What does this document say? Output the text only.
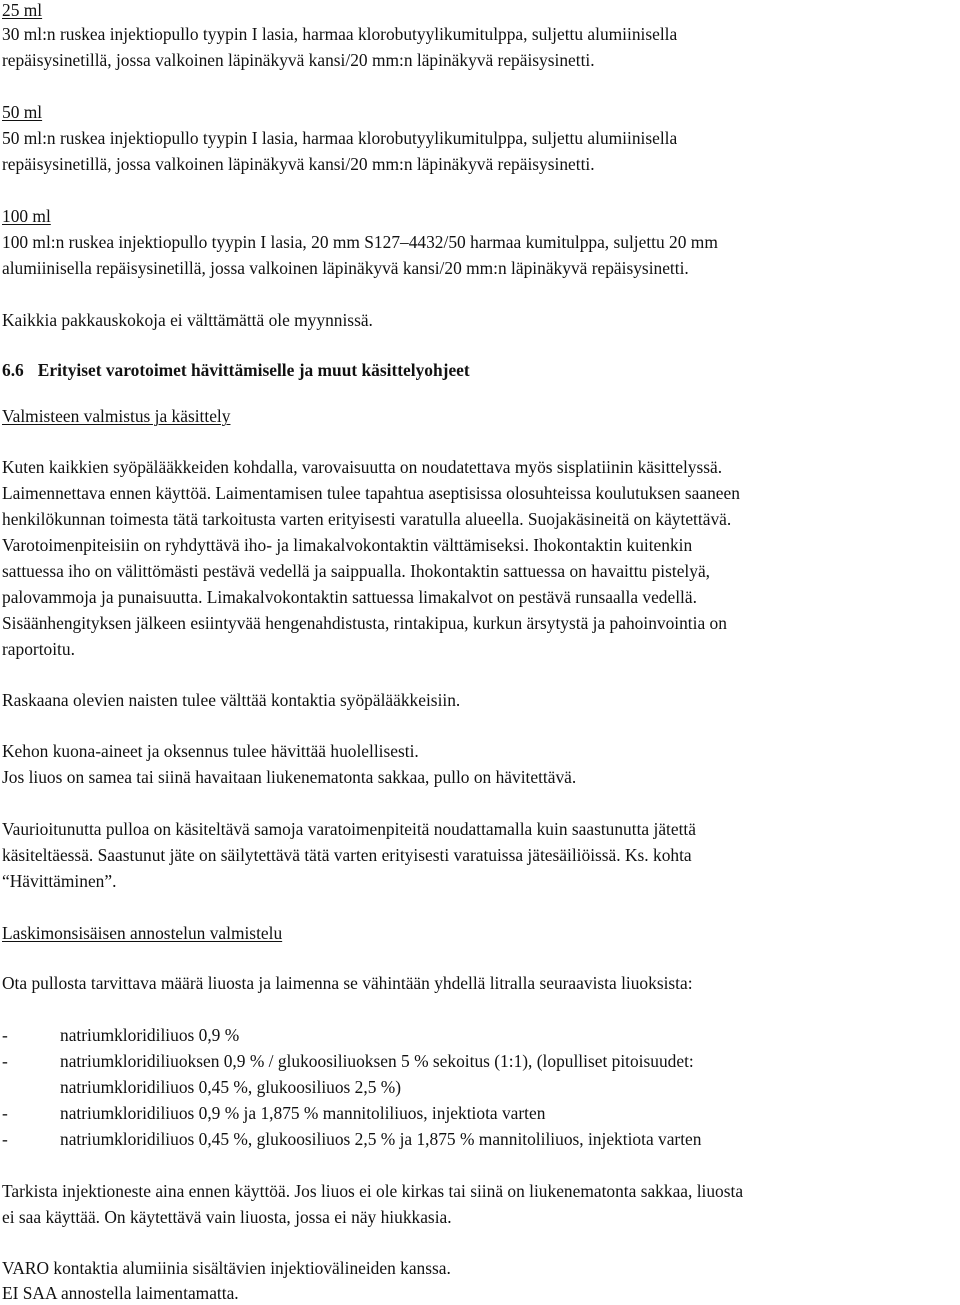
25 ml
30 ml:n ruskea injektiopullo tyypin I lasia, harmaa klorobutyylikumitulppa, suljettu alumiinisella
repäisysinetillä, jossa valkoinen läpinäkyvä kansi/20 mm:n läpinäkyvä repäisysinetti.
50 ml
50 ml:n ruskea injektiopullo tyypin I lasia, harmaa klorobutyylikumitulppa, suljettu alumiinisella
repäisysinetillä, jossa valkoinen läpinäkyvä kansi/20 mm:n läpinäkyvä repäisysinetti.
100 ml
100 ml:n ruskea injektiopullo tyypin I lasia, 20 mm S127–4432/50 harmaa kumitulppa, suljettu 20 mm
alumiinisella repäisysinetillä, jossa valkoinen läpinäkyvä kansi/20 mm:n läpinäkyvä repäisysinetti.
Kaikkia pakkauskokoja ei välttämättä ole myynnissä.
6.6 Erityiset varotoimet hävittämiselle ja muut käsittelyohjeet
Valmisteen valmistus ja käsittely
Kuten kaikkien syöpälääkkeiden kohdalla, varovaisuutta on noudatettava myös sisplatiinin käsittelyssä.
Laimennettava ennen käyttöä. Laimentamisen tulee tapahtua aseptisissa olosuhteissa koulutuksen saaneen
henkilökunnan toimesta tätä tarkoitusta varten erityisesti varatulla alueella. Suojakäsineitä on käytettävä.
Varotoimenpiteisiin on ryhdyttävä iho- ja limakalvokontaktin välttämiseksi. Ihokontaktin kuitenkin
sattuessa iho on välittömästi pestävä vedellä ja saippualla. Ihokontaktin sattuessa on havaittu pistelyä,
palovammoja ja punaisuutta. Limakalvokontaktin sattuessa limakalvot on pestävä runsaalla vedellä.
Sisäänhengityksen jälkeen esiintyvää hengenahdistusta, rintakipua, kurkun ärsytystä ja pahoinvointia on
raportoitu.
Raskaana olevien naisten tulee välttää kontaktia syöpälääkkeisiin.
Kehon kuona-aineet ja oksennus tulee hävittää huolellisesti.
Jos liuos on samea tai siinä havaitaan liukenematonta sakkaa, pullo on hävitettävä.
Vaurioitunutta pulloa on käsiteltävä samoja varatoimenpiteitä noudattamalla kuin saastunutta jätettä
käsiteltäessä. Saastunut jäte on säilytettävä tätä varten erityisesti varatuissa jätesäiliöissä. Ks. kohta
“Hävittäminen”.
Laskimonsisäisen annostelun valmistelu
Ota pullosta tarvittava määrä liuosta ja laimenna se vähintään yhdellä litralla seuraavista liuoksista:
-	natriumkloridiliuos 0,9 %
-	natriumkloridiliuoksen 0,9 % / glukoosiliuoksen 5 % sekoitus (1:1), (lopulliset pitoisuudet:
natriumkloridiliuos 0,45 %, glukoosiliuos 2,5 %)
-	natriumkloridiliuos 0,9 % ja 1,875 % mannitoliliuos, injektiota varten
-	natriumkloridiliuos 0,45 %, glukoosiliuos 2,5 % ja 1,875 % mannitoliliuos, injektiota varten
Tarkista injektioneste aina ennen käyttöä. Jos liuos ei ole kirkas tai siinä on liukenematonta sakkaa, liuosta
ei saa käyttää. On käytettävä vain liuosta, jossa ei näy hiukkasia.
VARO kontaktia alumiinia sisältävien injektiovälineiden kanssa.
EI SAA annostella laimentamatta.
